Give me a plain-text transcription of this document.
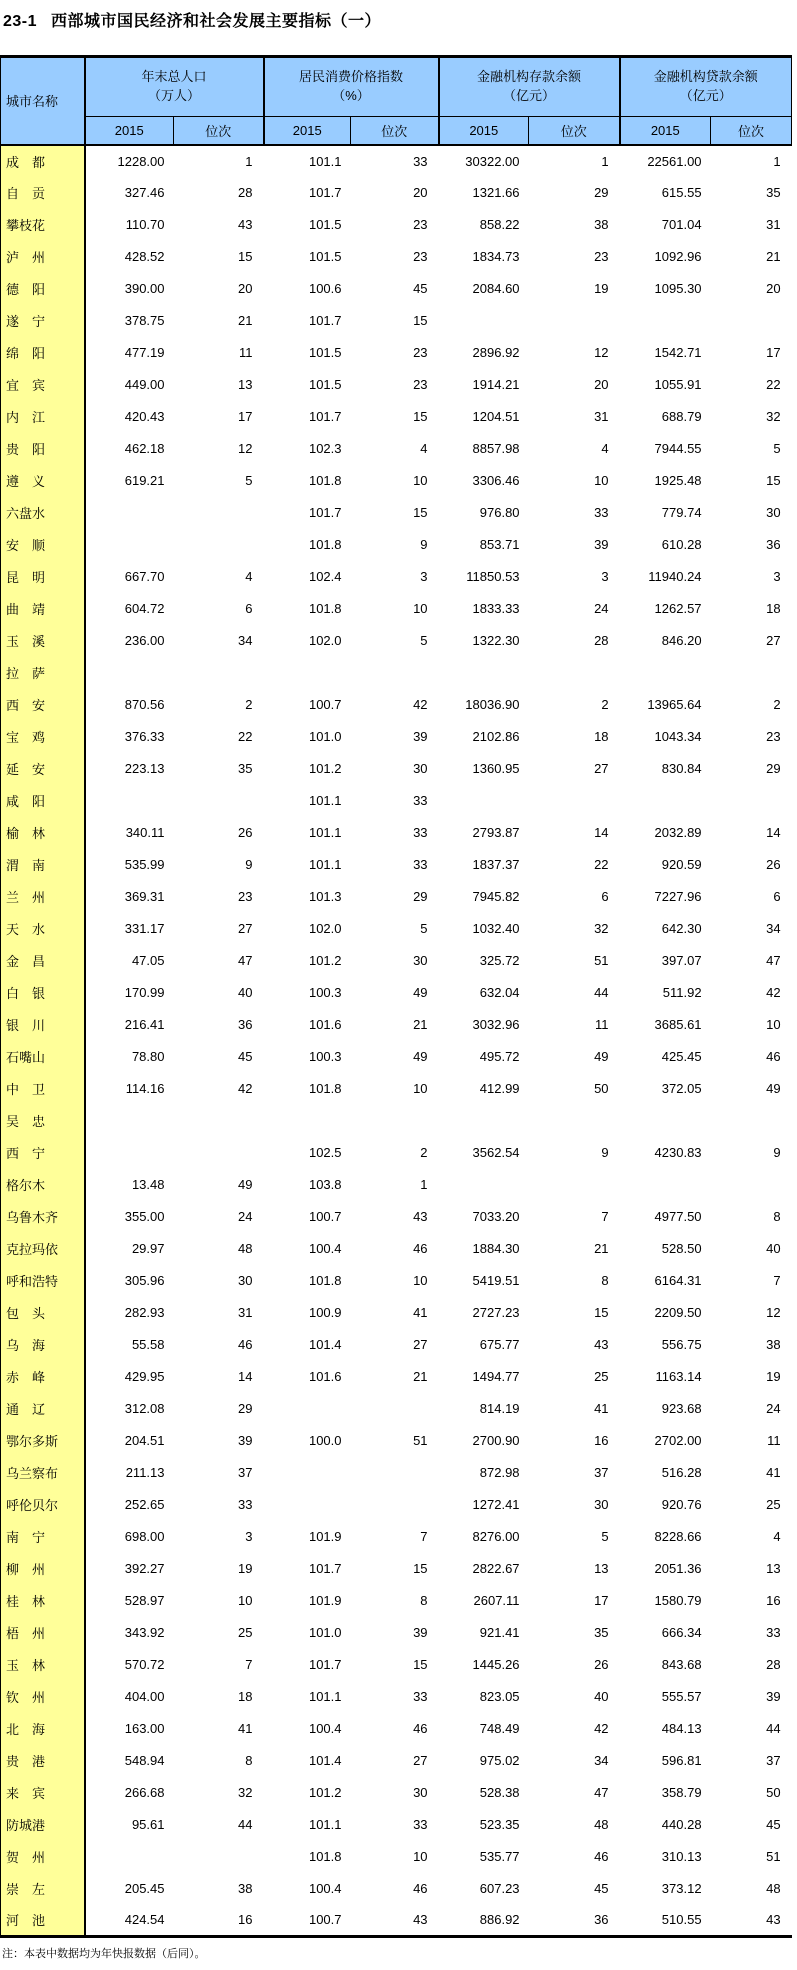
23-1 西部城市国民经济和社会发展主要指标（一）
城市名称	
年末总人口
（万人）

居民消费价格指数
（%）

金融机构存款余额
（亿元）

金融机构贷款余额
（亿元）

	2015	位次	2015	位次	2015	位次	2015	位次
成　都	1228.00	1	101.1	33	30322.00	1	22561.00	1
自　贡	327.46	28	101.7	20	1321.66	29	615.55	35
攀枝花	110.70	43	101.5	23	858.22	38	701.04	31
泸　州	428.52	15	101.5	23	1834.73	23	1092.96	21
德　阳	390.00	20	100.6	45	2084.60	19	1095.30	20
遂　宁	378.75	21	101.7	15				
绵　阳	477.19	11	101.5	23	2896.92	12	1542.71	17
宜　宾	449.00	13	101.5	23	1914.21	20	1055.91	22
内　江	420.43	17	101.7	15	1204.51	31	688.79	32
贵　阳	462.18	12	102.3	4	8857.98	4	7944.55	5
遵　义	619.21	5	101.8	10	3306.46	10	1925.48	15
六盘水			101.7	15	976.80	33	779.74	30
安　顺			101.8	9	853.71	39	610.28	36
昆　明	667.70	4	102.4	3	11850.53	3	11940.24	3
曲　靖	604.72	6	101.8	10	1833.33	24	1262.57	18
玉　溪	236.00	34	102.0	5	1322.30	28	846.20	27
拉　萨								
西　安	870.56	2	100.7	42	18036.90	2	13965.64	2
宝　鸡	376.33	22	101.0	39	2102.86	18	1043.34	23
延　安	223.13	35	101.2	30	1360.95	27	830.84	29
咸　阳			101.1	33				
榆　林	340.11	26	101.1	33	2793.87	14	2032.89	14
渭　南	535.99	9	101.1	33	1837.37	22	920.59	26
兰　州	369.31	23	101.3	29	7945.82	6	7227.96	6
天　水	331.17	27	102.0	5	1032.40	32	642.30	34
金　昌	47.05	47	101.2	30	325.72	51	397.07	47
白　银	170.99	40	100.3	49	632.04	44	511.92	42
银　川	216.41	36	101.6	21	3032.96	11	3685.61	10
石嘴山	78.80	45	100.3	49	495.72	49	425.45	46
中　卫	114.16	42	101.8	10	412.99	50	372.05	49
吴　忠								
西　宁			102.5	2	3562.54	9	4230.83	9
格尔木	13.48	49	103.8	1				
乌鲁木齐	355.00	24	100.7	43	7033.20	7	4977.50	8
克拉玛依	29.97	48	100.4	46	1884.30	21	528.50	40
呼和浩特	305.96	30	101.8	10	5419.51	8	6164.31	7
包　头	282.93	31	100.9	41	2727.23	15	2209.50	12
乌　海	55.58	46	101.4	27	675.77	43	556.75	38
赤　峰	429.95	14	101.6	21	1494.77	25	1163.14	19
通　辽	312.08	29			814.19	41	923.68	24
鄂尔多斯	204.51	39	100.0	51	2700.90	16	2702.00	11
乌兰察布	211.13	37			872.98	37	516.28	41
呼伦贝尔	252.65	33			1272.41	30	920.76	25
南　宁	698.00	3	101.9	7	8276.00	5	8228.66	4
柳　州	392.27	19	101.7	15	2822.67	13	2051.36	13
桂　林	528.97	10	101.9	8	2607.11	17	1580.79	16
梧　州	343.92	25	101.0	39	921.41	35	666.34	33
玉　林	570.72	7	101.7	15	1445.26	26	843.68	28
钦　州	404.00	18	101.1	33	823.05	40	555.57	39
北　海	163.00	41	100.4	46	748.49	42	484.13	44
贵　港	548.94	8	101.4	27	975.02	34	596.81	37
来　宾	266.68	32	101.2	30	528.38	47	358.79	50
防城港	95.61	44	101.1	33	523.35	48	440.28	45
贺　州			101.8	10	535.77	46	310.13	51
崇　左	205.45	38	100.4	46	607.23	45	373.12	48
河　池	424.54	16	100.7	43	886.92	36	510.55	43
注：本表中数据均为年快报数据（后同）。
